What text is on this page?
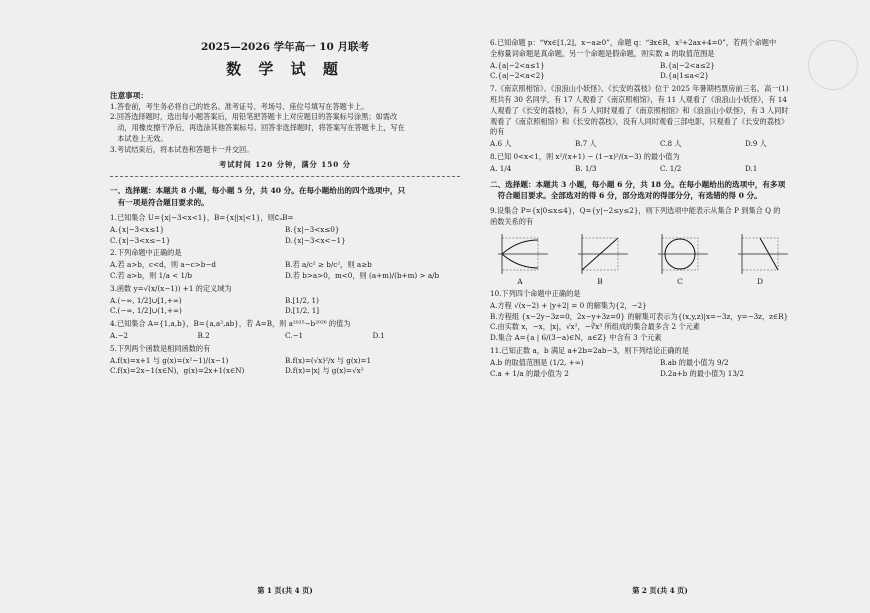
2025—2026 学年高一 10 月联考
数 学 试 题
注意事项：

1.答卷前，考生务必将自己的姓名、准考证号、考场号、座位号填写在答题卡上。

2.回答选择题时，选出每小题答案后，用铅笔把答题卡上对应题目的答案标号涂黑；如需改

　动，用橡皮擦干净后，再选涂其他答案标号。回答非选择题时，将答案写在答题卡上，写在

　本试卷上无效。

3.考试结束后，将本试卷和答题卡一并交回。

考试时间 120 分钟，满分 150 分
一、选择题：本题共 8 小题，每小题 5 分，共 40 分。在每小题给出的四个选项中，只
　有一项是符合题目要求的。
1.已知集合 U={x|−3<x<1}，B={x||x|<1}，则∁ᵤB=
A.{x|−3<x≤1}	B.{x|−3<x≤0}
C.{x|−3<x≤−1}	D.{x|−3<x<−1}
2.下列命题中正确的是
A.若 a>b，c<d，则 a−c>b−d	B.若 a/c² ≥ b/c²，则 a≥b
C.若 a>b，则 1/a < 1/b	D.若 b>a>0，m<0，则 (a+m)/(b+m) > a/b
3.函数 y=√(x/(x−1)) +1 的定义域为
A.(−∞, 1/2]∪[1,+∞)	B.[1/2, 1)
C.(−∞, 1/2]∪(1,+∞)	D.[1/2, 1]
4.已知集合 A={1,a,b}，B={a,a²,ab}，若 A=B，则 a²⁰²⁵−b²⁰²⁶ 的值为
A.−2	B.2	C.−1	D.1
5.下列两个函数是相同函数的有
A.f(x)=x+1 与 g(x)=(x²−1)/(x−1)	B.f(x)=(√x)²/x 与 g(x)=1
C.f(x)=2x−1(x∈N)，g(x)=2x+1(x∈N)	D.f(x)=|x| 与 g(x)=√x²
第 1 页(共 4 页)
6.已知命题 p：“∀x∈[1,2]，x−a≥0”，命题 q：“∃x∈R，x²+2ax+4=0”，若两个命题中
全称量词命题是真命题，另一个命题是假命题，则实数 a 的取值范围是
A.{a|−2<a≤1}	B.{a|−2<a≤2}
C.{a|−2<a<2}	D.{a|1≤a<2}
7.《南京照相馆》、《浪浪山小妖怪》、《长安的荔枝》位于 2025 年暑期档票房前三名，高一(1)
班共有 30 名同学，有 17 人观看了《南京照相馆》，有 11 人观看了《浪浪山小妖怪》，有 14
人观看了《长安的荔枝》，有 5 人同时观看了《南京照相馆》和《浪浪山小妖怪》，有 3 人同时
观看了《南京照相馆》和《长安的荔枝》，没有人同时观看三部电影，只观看了《长安的荔枝》
的有
A.6 人	B.7 人	C.8 人	D.9 人
8.已知 0<x<1，则 x²/(x+1) − (1−x)²/(x−3) 的最小值为
A. 1/4	B. 1/3	C. 1/2	D.1
二、选择题：本题共 3 小题，每小题 6 分，共 18 分。在每小题给出的选项中，有多项
　符合题目要求。全部选对的得 6 分，部分选对的得部分分，有选错的得 0 分。
9.设集合 P={x|0≤x≤4}，Q={y|−2≤y≤2}，则下列选项中能表示从集合 P 到集合 Q 的
函数关系的有
A	B	C	D
10.下列四个命题中正确的是
A.方程 √(x−2) + |y+2| = 0 的解集为{2，−2}
B.方程组 {x−2y−3z=0，2x−y+3z=0} 的解集可表示为{(x,y,z)|x=−3z，y=−3z，z∈R}
C.由实数 x，−x，|x|，√x²，−∛x³ 所组成的集合最多含 2 个元素
D.集合 A={a | 6/(3−a)∈N，a∈Z} 中含有 3 个元素
11.已知正数 a，b 满足 a+2b=2ab−3，则下列结论正确的是
A.b 的取值范围是 (1/2, +∞)	B.ab 的最小值为 9/2
C.a + 1/a 的最小值为 2	D.2a+b 的最小值为 13/2
第 2 页(共 4 页)
